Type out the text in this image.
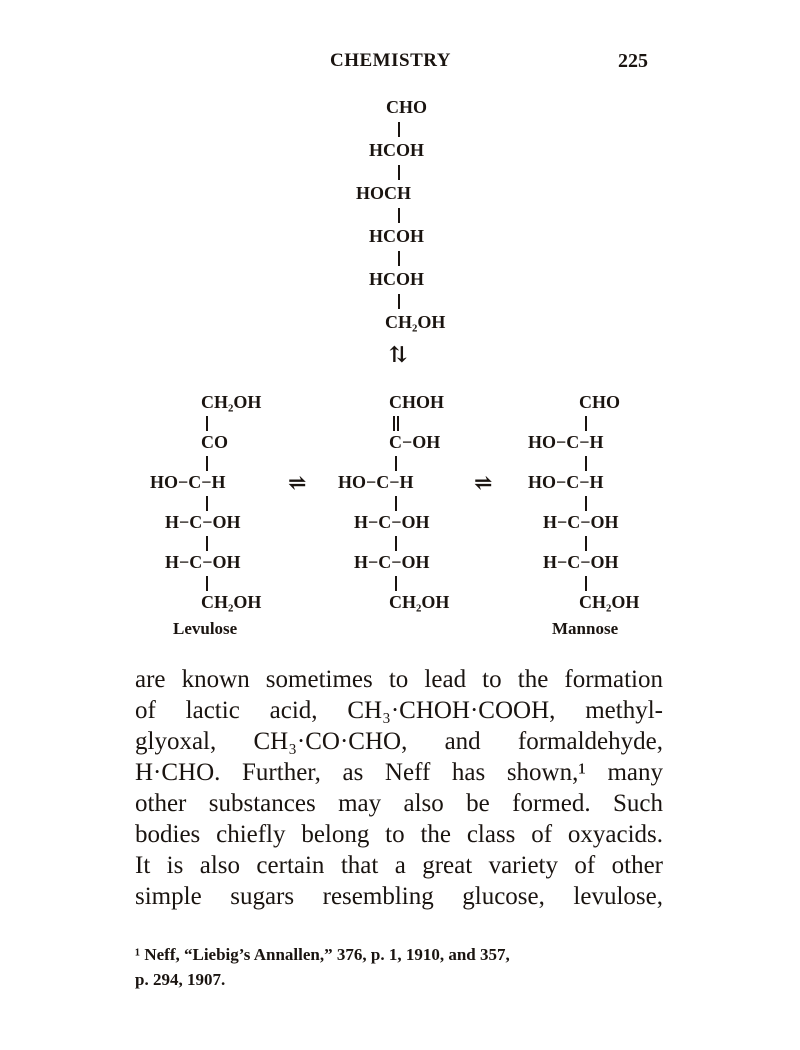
CHEMISTRY	225
CHO
HCOH
HOCH
HCOH
HCOH
CH₂OH
⇅
CH₂OH
CO
HO−C−H
H−C−OH
H−C−OH
CH₂OH
Levulose
⇌
CHOH
C−OH
HO−C−H
H−C−OH
H−C−OH
CH₂OH
⇌
CHO
HO−C−H
HO−C−H
H−C−OH
H−C−OH
CH₂OH
Mannose
are known sometimes to lead to the formation
of lactic acid, CH₃·CHOH·COOH, methyl-
glyoxal, CH₃·CO·CHO, and formaldehyde,
H·CHO. Further, as Neff has shown,¹ many
other substances may also be formed. Such
bodies chiefly belong to the class of oxyacids.
It is also certain that a great variety of other
simple sugars resembling glucose, levulose,
¹ Neff, “Liebig’s Annallen,” 376, p. 1, 1910, and 357,
p. 294, 1907.
